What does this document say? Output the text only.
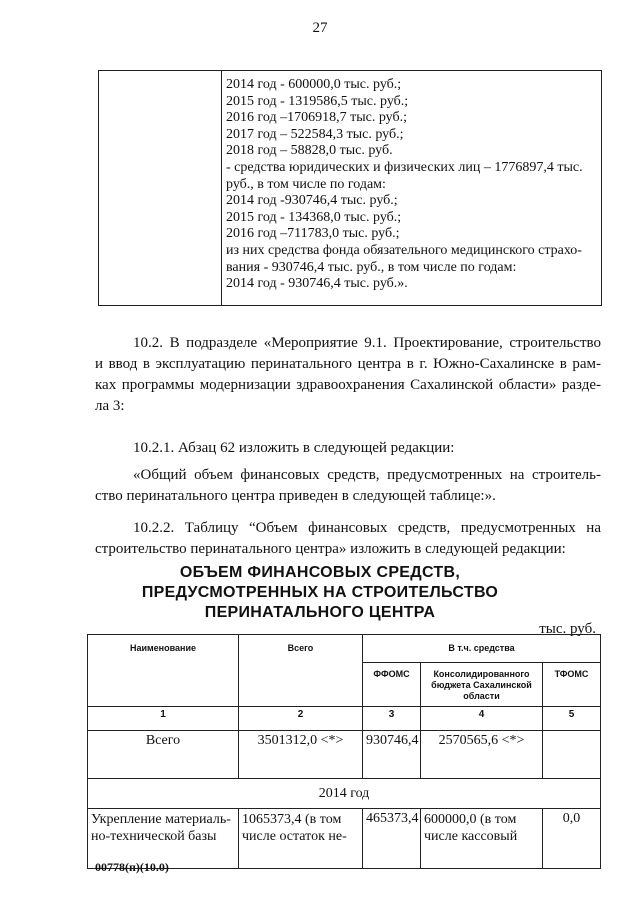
27
2014 год - 600000,0 тыс. руб.;
2015 год - 1319586,5 тыс. руб.;
2016 год –1706918,7 тыс. руб.;
2017 год – 522584,3 тыс. руб.;
2018 год – 58828,0 тыс. руб.
- средства юридических и физических лиц – 1776897,4 тыс.
руб., в том числе по годам:
2014 год -930746,4 тыс. руб.;
2015 год - 134368,0 тыс. руб.;
2016 год –711783,0 тыс. руб.;
из них средства фонда обязательного медицинского страхо-
вания - 930746,4 тыс. руб., в том числе по годам:
2014 год - 930746,4 тыс. руб.».
10.2. В подразделе «Мероприятие 9.1. Проектирование, строительство
и ввод в эксплуатацию перинатального центра в г. Южно-Сахалинске в рам-
ках программы модернизации здравоохранения Сахалинской области» разде-
ла 3:
10.2.1. Абзац 62 изложить в следующей редакции:
«Общий объем финансовых средств, предусмотренных на строитель-
ство перинатального центра приведен в следующей таблице:».
10.2.2. Таблицу “Объем финансовых средств, предусмотренных на
строительство перинатального центра» изложить в следующей редакции:
ОБЪЕМ ФИНАНСОВЫХ СРЕДСТВ,
ПРЕДУСМОТРЕННЫХ НА СТРОИТЕЛЬСТВО
ПЕРИНАТАЛЬНОГО ЦЕНТРА
тыс. руб.
Наименование	Всего	В т.ч. средства		
		ФФОМС	Консолидированного бюджета Сахалинской области	ТФОМС
1	2	3	4	5
Всего	3501312,0 <*>	930746,4	2570565,6 <*>	
2014 год				
Укрепление материаль-но-технической базы	1065373,4 (в том числе остаток не-	465373,4	600000,0 (в том числе кассовый	0,0
00778(п)(10.0)
